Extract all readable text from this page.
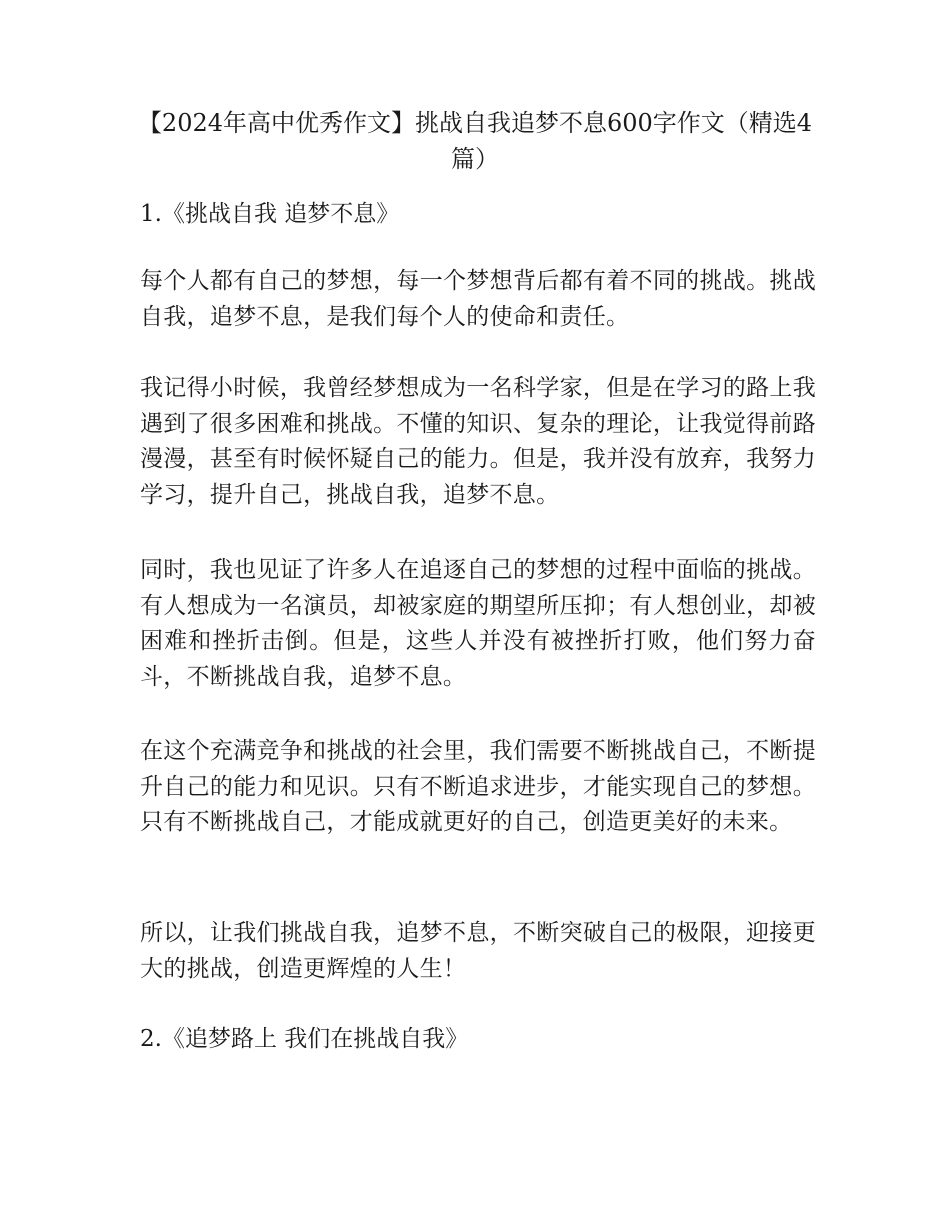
【2024年高中优秀作文】挑战自我追梦不息600字作文（精选4篇）

1.《挑战自我 追梦不息》

每个人都有自己的梦想，每一个梦想背后都有着不同的挑战。挑战自我，追梦不息，是我们每个人的使命和责任。

我记得小时候，我曾经梦想成为一名科学家，但是在学习的路上我遇到了很多困难和挑战。不懂的知识、复杂的理论，让我觉得前路漫漫，甚至有时候怀疑自己的能力。但是，我并没有放弃，我努力学习，提升自己，挑战自我，追梦不息。

同时，我也见证了许多人在追逐自己的梦想的过程中面临的挑战。有人想成为一名演员，却被家庭的期望所压抑；有人想创业，却被困难和挫折击倒。但是，这些人并没有被挫折打败，他们努力奋斗，不断挑战自我，追梦不息。

在这个充满竞争和挑战的社会里，我们需要不断挑战自己，不断提升自己的能力和见识。只有不断追求进步，才能实现自己的梦想。只有不断挑战自己，才能成就更好的自己，创造更美好的未来。

所以，让我们挑战自我，追梦不息，不断突破自己的极限，迎接更大的挑战，创造更辉煌的人生！

2.《追梦路上 我们在挑战自我》
